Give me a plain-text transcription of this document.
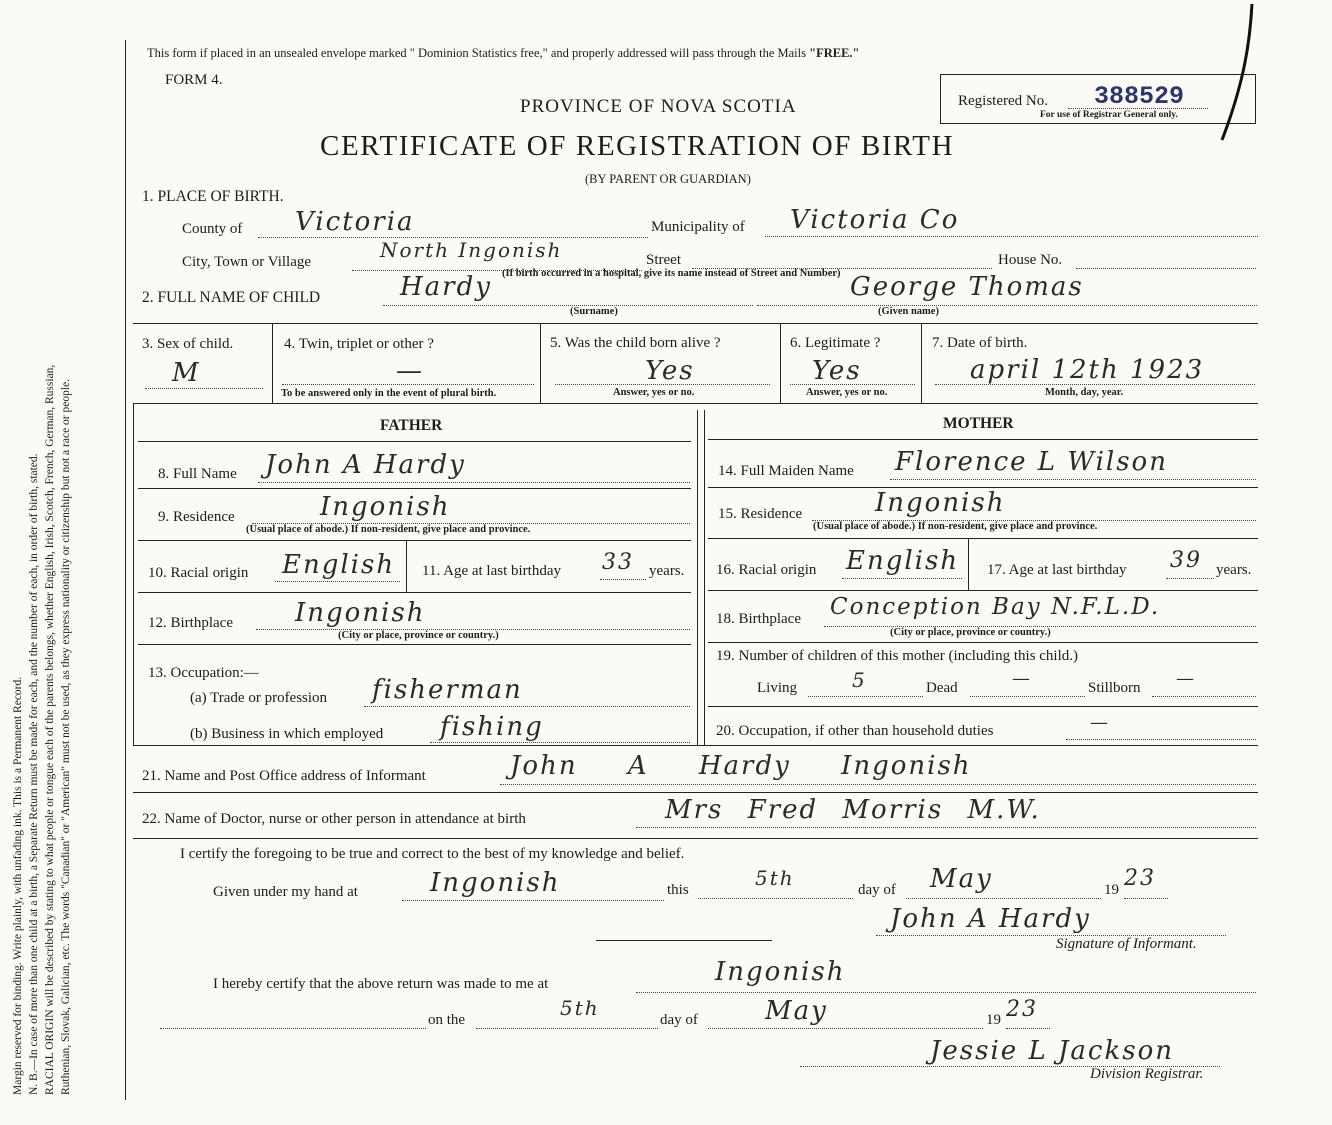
Margin reserved for binding. Write plainly, with unfading ink. This is a Permanent Record. N. B.—In case of more than one child at a birth, a Separate Return must be made for each, and the number of each, in order of birth, stated. RACIAL ORIGIN will be described by stating to what people or tongue each of the parents belongs, whether English, Irish, Scotch, French, German, Russian, Ruthenian, Slovak, Galician, etc. The words "Canadian" or "American" must not be used, as they express nationality or citizenship but not a race or people.
This form if placed in an unsealed envelope marked " Dominion Statistics free," and properly addressed will pass through the Mails "FREE."
FORM 4.
PROVINCE OF NOVA SCOTIA
CERTIFICATE OF REGISTRATION OF BIRTH
(BY PARENT OR GUARDIAN)
Registered No. 388529
For use of Registrar General only.
1. PLACE OF BIRTH.
County of Victoria	Municipality of Victoria Co
City, Town or Village	North Ingonish	Street	House No.
(If birth occurred in a hospital, give its name instead of Street and Number)
2. FULL NAME OF CHILD	Hardy
(Surname)
George Thomas
(Given name)
3. Sex of child.
M
4. Twin, triplet or other ?
—
To be answered only in the event of plural birth.
5. Was the child born alive ?
Yes
Answer, yes or no.
6. Legitimate ?
Yes
Answer, yes or no.
7. Date of birth.
april 12th 1923
Month, day, year.
FATHER	MOTHER
8. Full Name John A Hardy
9. Residence	Ingonish
(Usual place of abode.) If non-resident, give place and province.
10. Racial origin English 11. Age at last birthday 33 years.
12. Birthplace Ingonish
(City or place, province or country.)
13. Occupation:—
(a) Trade or profession fisherman
(b) Business in which employed fishing
14. Full Maiden Name Florence L Wilson
15. Residence	Ingonish
(Usual place of abode.) If non-resident, give place and province.
16. Racial origin English 17. Age at last birthday 39 years.
18. Birthplace Conception Bay N.F.L.D.
(City or place, province or country.)
19. Number of children of this mother (including this child.)
Living	5	Dead	—	Stillborn —
20. Occupation, if other than household duties	—
21. Name and Post Office address of Informant	John A Hardy Ingonish
22. Name of Doctor, nurse or other person in attendance at birth	Mrs Fred Morris M.W.
I certify the foregoing to be true and correct to the best of my knowledge and belief.
Given under my hand at	Ingonish	this	5th	day of May	19 23
John A Hardy
Signature of Informant.
I hereby certify that the above return was made to me at	Ingonish
on the	5th	day of	May	19 23
Jessie L Jackson
Division Registrar.
